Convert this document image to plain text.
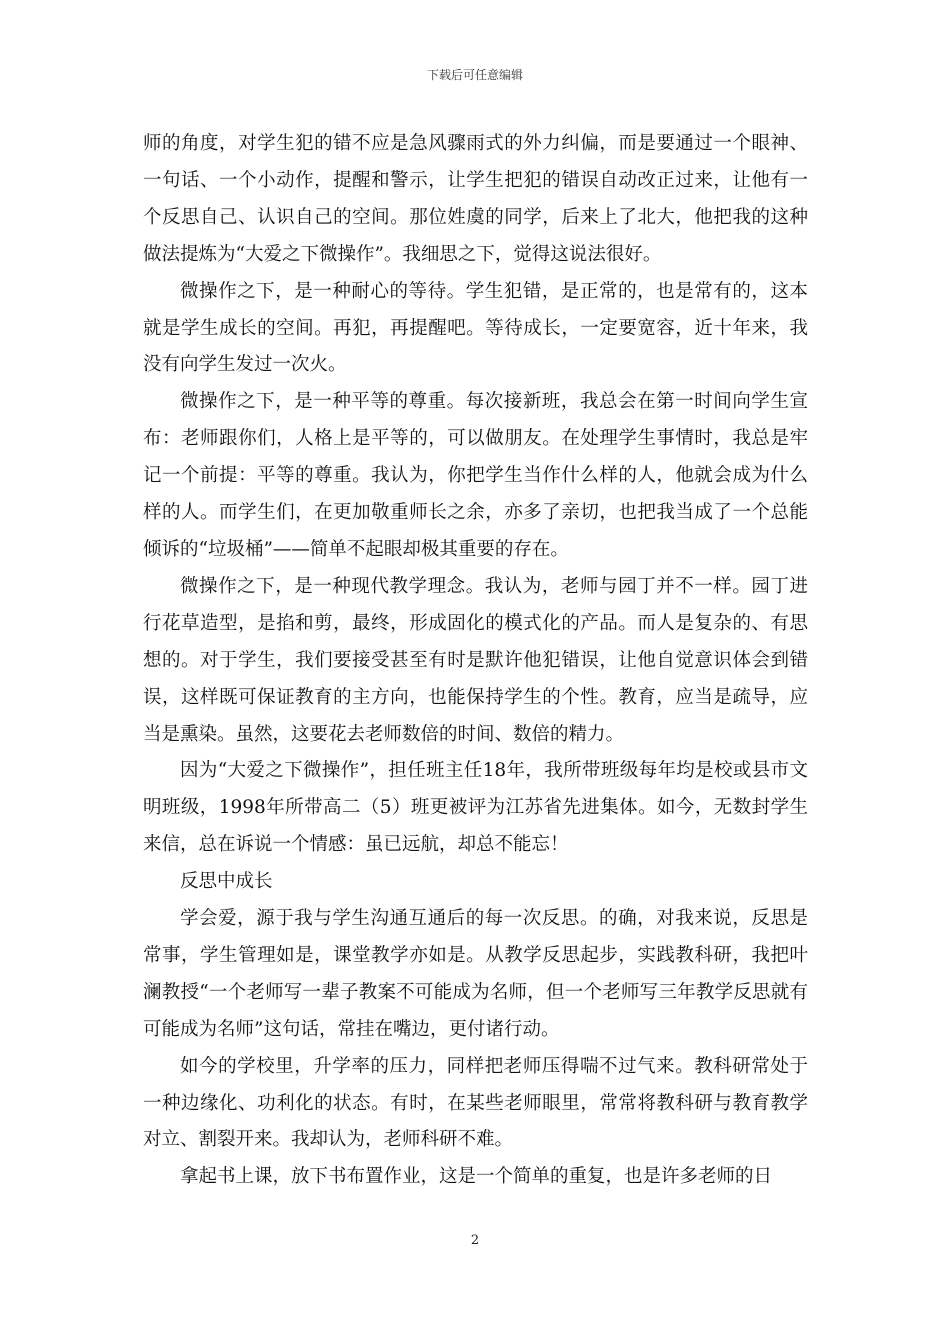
下载后可任意编辑

师的角度，对学生犯的错不应是急风骤雨式的外力纠偏，而是要通过一个眼神、一句话、一个小动作，提醒和警示，让学生把犯的错误自动改正过来，让他有一个反思自己、认识自己的空间。那位姓虞的同学，后来上了北大，他把我的这种做法提炼为“大爱之下微操作”。我细思之下，觉得这说法很好。

微操作之下，是一种耐心的等待。学生犯错，是正常的，也是常有的，这本就是学生成长的空间。再犯，再提醒吧。等待成长，一定要宽容，近十年来，我没有向学生发过一次火。

微操作之下，是一种平等的尊重。每次接新班，我总会在第一时间向学生宣布：老师跟你们，人格上是平等的，可以做朋友。在处理学生事情时，我总是牢记一个前提：平等的尊重。我认为，你把学生当作什么样的人，他就会成为什么样的人。而学生们，在更加敬重师长之余，亦多了亲切，也把我当成了一个总能倾诉的“垃圾桶”——简单不起眼却极其重要的存在。

微操作之下，是一种现代教学理念。我认为，老师与园丁并不一样。园丁进行花草造型，是掐和剪，最终，形成固化的模式化的产品。而人是复杂的、有思想的。对于学生，我们要接受甚至有时是默许他犯错误，让他自觉意识体会到错误，这样既可保证教育的主方向，也能保持学生的个性。教育，应当是疏导，应当是熏染。虽然，这要花去老师数倍的时间、数倍的精力。

因为“大爱之下微操作”，担任班主任18年，我所带班级每年均是校或县市文明班级，1998年所带高二（5）班更被评为江苏省先进集体。如今，无数封学生来信，总在诉说一个情感：虽已远航，却总不能忘！

反思中成长

学会爱，源于我与学生沟通互通后的每一次反思。的确，对我来说，反思是常事，学生管理如是，课堂教学亦如是。从教学反思起步，实践教科研，我把叶澜教授“一个老师写一辈子教案不可能成为名师，但一个老师写三年教学反思就有可能成为名师”这句话，常挂在嘴边，更付诸行动。

如今的学校里，升学率的压力，同样把老师压得喘不过气来。教科研常处于一种边缘化、功利化的状态。有时，在某些老师眼里，常常将教科研与教育教学对立、割裂开来。我却认为，老师科研不难。

拿起书上课，放下书布置作业，这是一个简单的重复，也是许多老师的日

2
